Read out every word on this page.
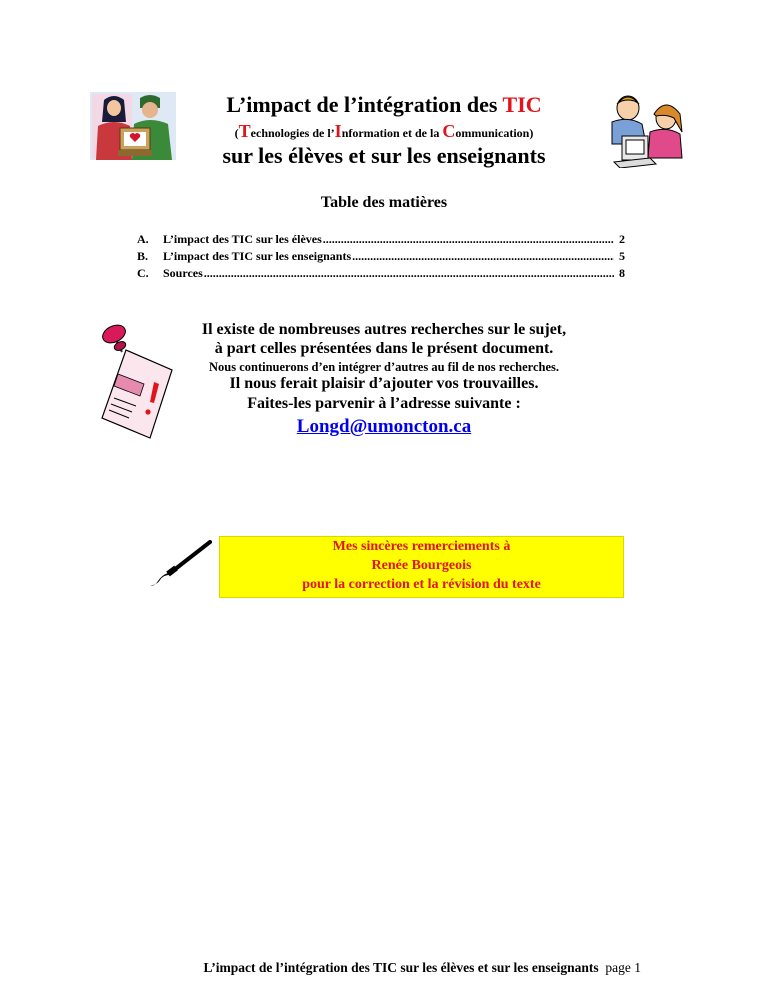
L’impact de l’intégration des TIC
(Technologies de l’Information et de la Communication)
sur les élèves et sur les enseignants
Table des matières
A.	L’impact des TIC sur les élèves .....	2
B.	L’impact des TIC sur les enseignants .....	5
C.	Sources .....	8
Il existe de nombreuses autres recherches sur le sujet,
à part celles présentées dans le présent document.
Nous continuerons d’en intégrer d’autres au fil de nos recherches.
Il nous ferait plaisir d’ajouter vos trouvailles.
Faites-les parvenir à l’adresse suivante :
Longd@umoncton.ca
Mes sincères remerciements à
Renée Bourgeois
pour la correction et la révision du texte
L’impact de l’intégration des TIC sur les élèves et sur les enseignants page 1
